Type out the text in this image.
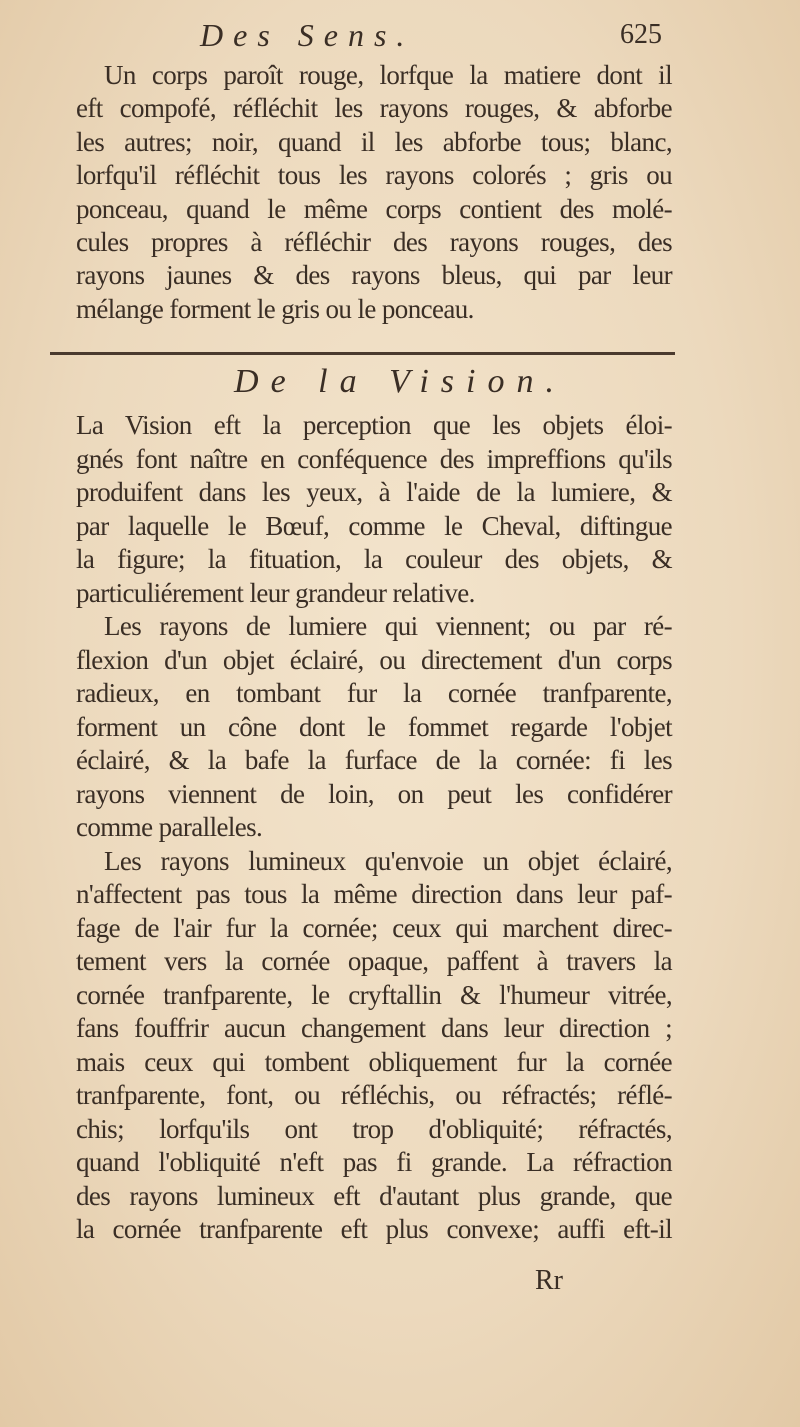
Des Sens.	625
Un corps paroît rouge, lorfque la matiere dont il
eft compofé, réfléchit les rayons rouges, & abforbe
les autres; noir, quand il les abforbe tous; blanc,
lorfqu'il réfléchit tous les rayons colorés ; gris ou
ponceau, quand le même corps contient des molé-
cules propres à réfléchir des rayons rouges, des
rayons jaunes & des rayons bleus, qui par leur
mélange forment le gris ou le ponceau.
De la Vision.
La Vision eft la perception que les objets éloi-
gnés font naître en conféquence des impreffions qu'ils
produifent dans les yeux, à l'aide de la lumiere, &
par laquelle le Bœuf, comme le Cheval, diftingue
la figure; la fituation, la couleur des objets, &
particuliérement leur grandeur relative.
Les rayons de lumiere qui viennent; ou par ré-
flexion d'un objet éclairé, ou directement d'un corps
radieux, en tombant fur la cornée tranfparente,
forment un cône dont le fommet regarde l'objet
éclairé, & la bafe la furface de la cornée: fi les
rayons viennent de loin, on peut les confidérer
comme paralleles.
Les rayons lumineux qu'envoie un objet éclairé,
n'affectent pas tous la même direction dans leur paf-
fage de l'air fur la cornée; ceux qui marchent direc-
tement vers la cornée opaque, paffent à travers la
cornée tranfparente, le cryftallin & l'humeur vitrée,
fans fouffrir aucun changement dans leur direction ;
mais ceux qui tombent obliquement fur la cornée
tranfparente, font, ou réfléchis, ou réfractés; réflé-
chis; lorfqu'ils ont trop d'obliquité; réfractés,
quand l'obliquité n'eft pas fi grande. La réfraction
des rayons lumineux eft d'autant plus grande, que
la cornée tranfparente eft plus convexe; auffi eft-il
Rr
